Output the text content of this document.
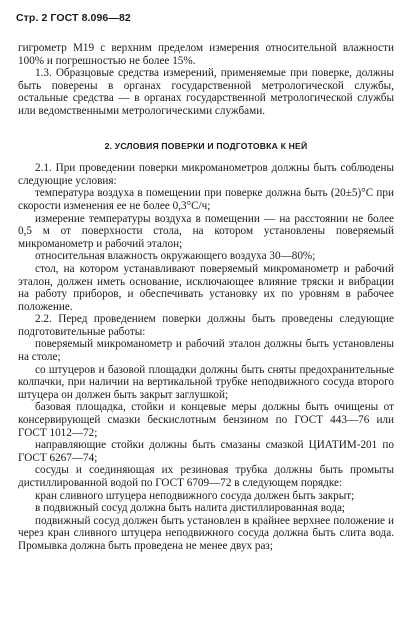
Стр. 2 ГОСТ 8.096—82

гигрометр М19 с верхним пределом измерения относительной влажности 100% и погрешностью не более 15%.

1.3. Образцовые средства измерений, применяемые при поверке, должны быть поверены в органах государственной метрологической службы, остальные средства — в органах государственной метрологической службы или ведомственными метрологическими службами.

2. УСЛОВИЯ ПОВЕРКИ И ПОДГОТОВКА К НЕЙ

2.1. При проведении поверки микроманометров должны быть соблюдены следующие условия:

температура воздуха в помещении при поверке должна быть (20±5)°С при скорости изменения ее не более 0,3°С/ч;

измерение температуры воздуха в помещении — на расстоянии не более 0,5 м от поверхности стола, на котором установлены поверяемый микроманометр и рабочий эталон;

относительная влажность окружающего воздуха 30—80%;

стол, на котором устанавливают поверяемый микроманометр и рабочий эталон, должен иметь основание, исключающее влияние тряски и вибрации на работу приборов, и обеспечивать установку их по уровням в рабочее положение.

2.2. Перед проведением поверки должны быть проведены следующие подготовительные работы:

поверяемый микроманометр и рабочий эталон должны быть установлены на столе;

со штуцеров и базовой площадки должны быть сняты предохранительные колпачки, при наличии на вертикальной трубке неподвижного сосуда второго штуцера он должен быть закрыт заглушкой;

базовая площадка, стойки и концевые меры должны быть очищены от консервирующей смазки бескислотным бензином по ГОСТ 443—76 или ГОСТ 1012—72;

направляющие стойки должны быть смазаны смазкой ЦИАТИМ-201 по ГОСТ 6267—74;

сосуды и соединяющая их резиновая трубка должны быть промыты дистиллированной водой по ГОСТ 6709—72 в следующем порядке:

кран сливного штуцера неподвижного сосуда должен быть закрыт;

в подвижный сосуд должна быть налита дистиллированная вода;

подвижный сосуд должен быть установлен в крайнее верхнее положение и через кран сливного штуцера неподвижного сосуда должна быть слита вода. Промывка должна быть проведена не менее двух раз;
